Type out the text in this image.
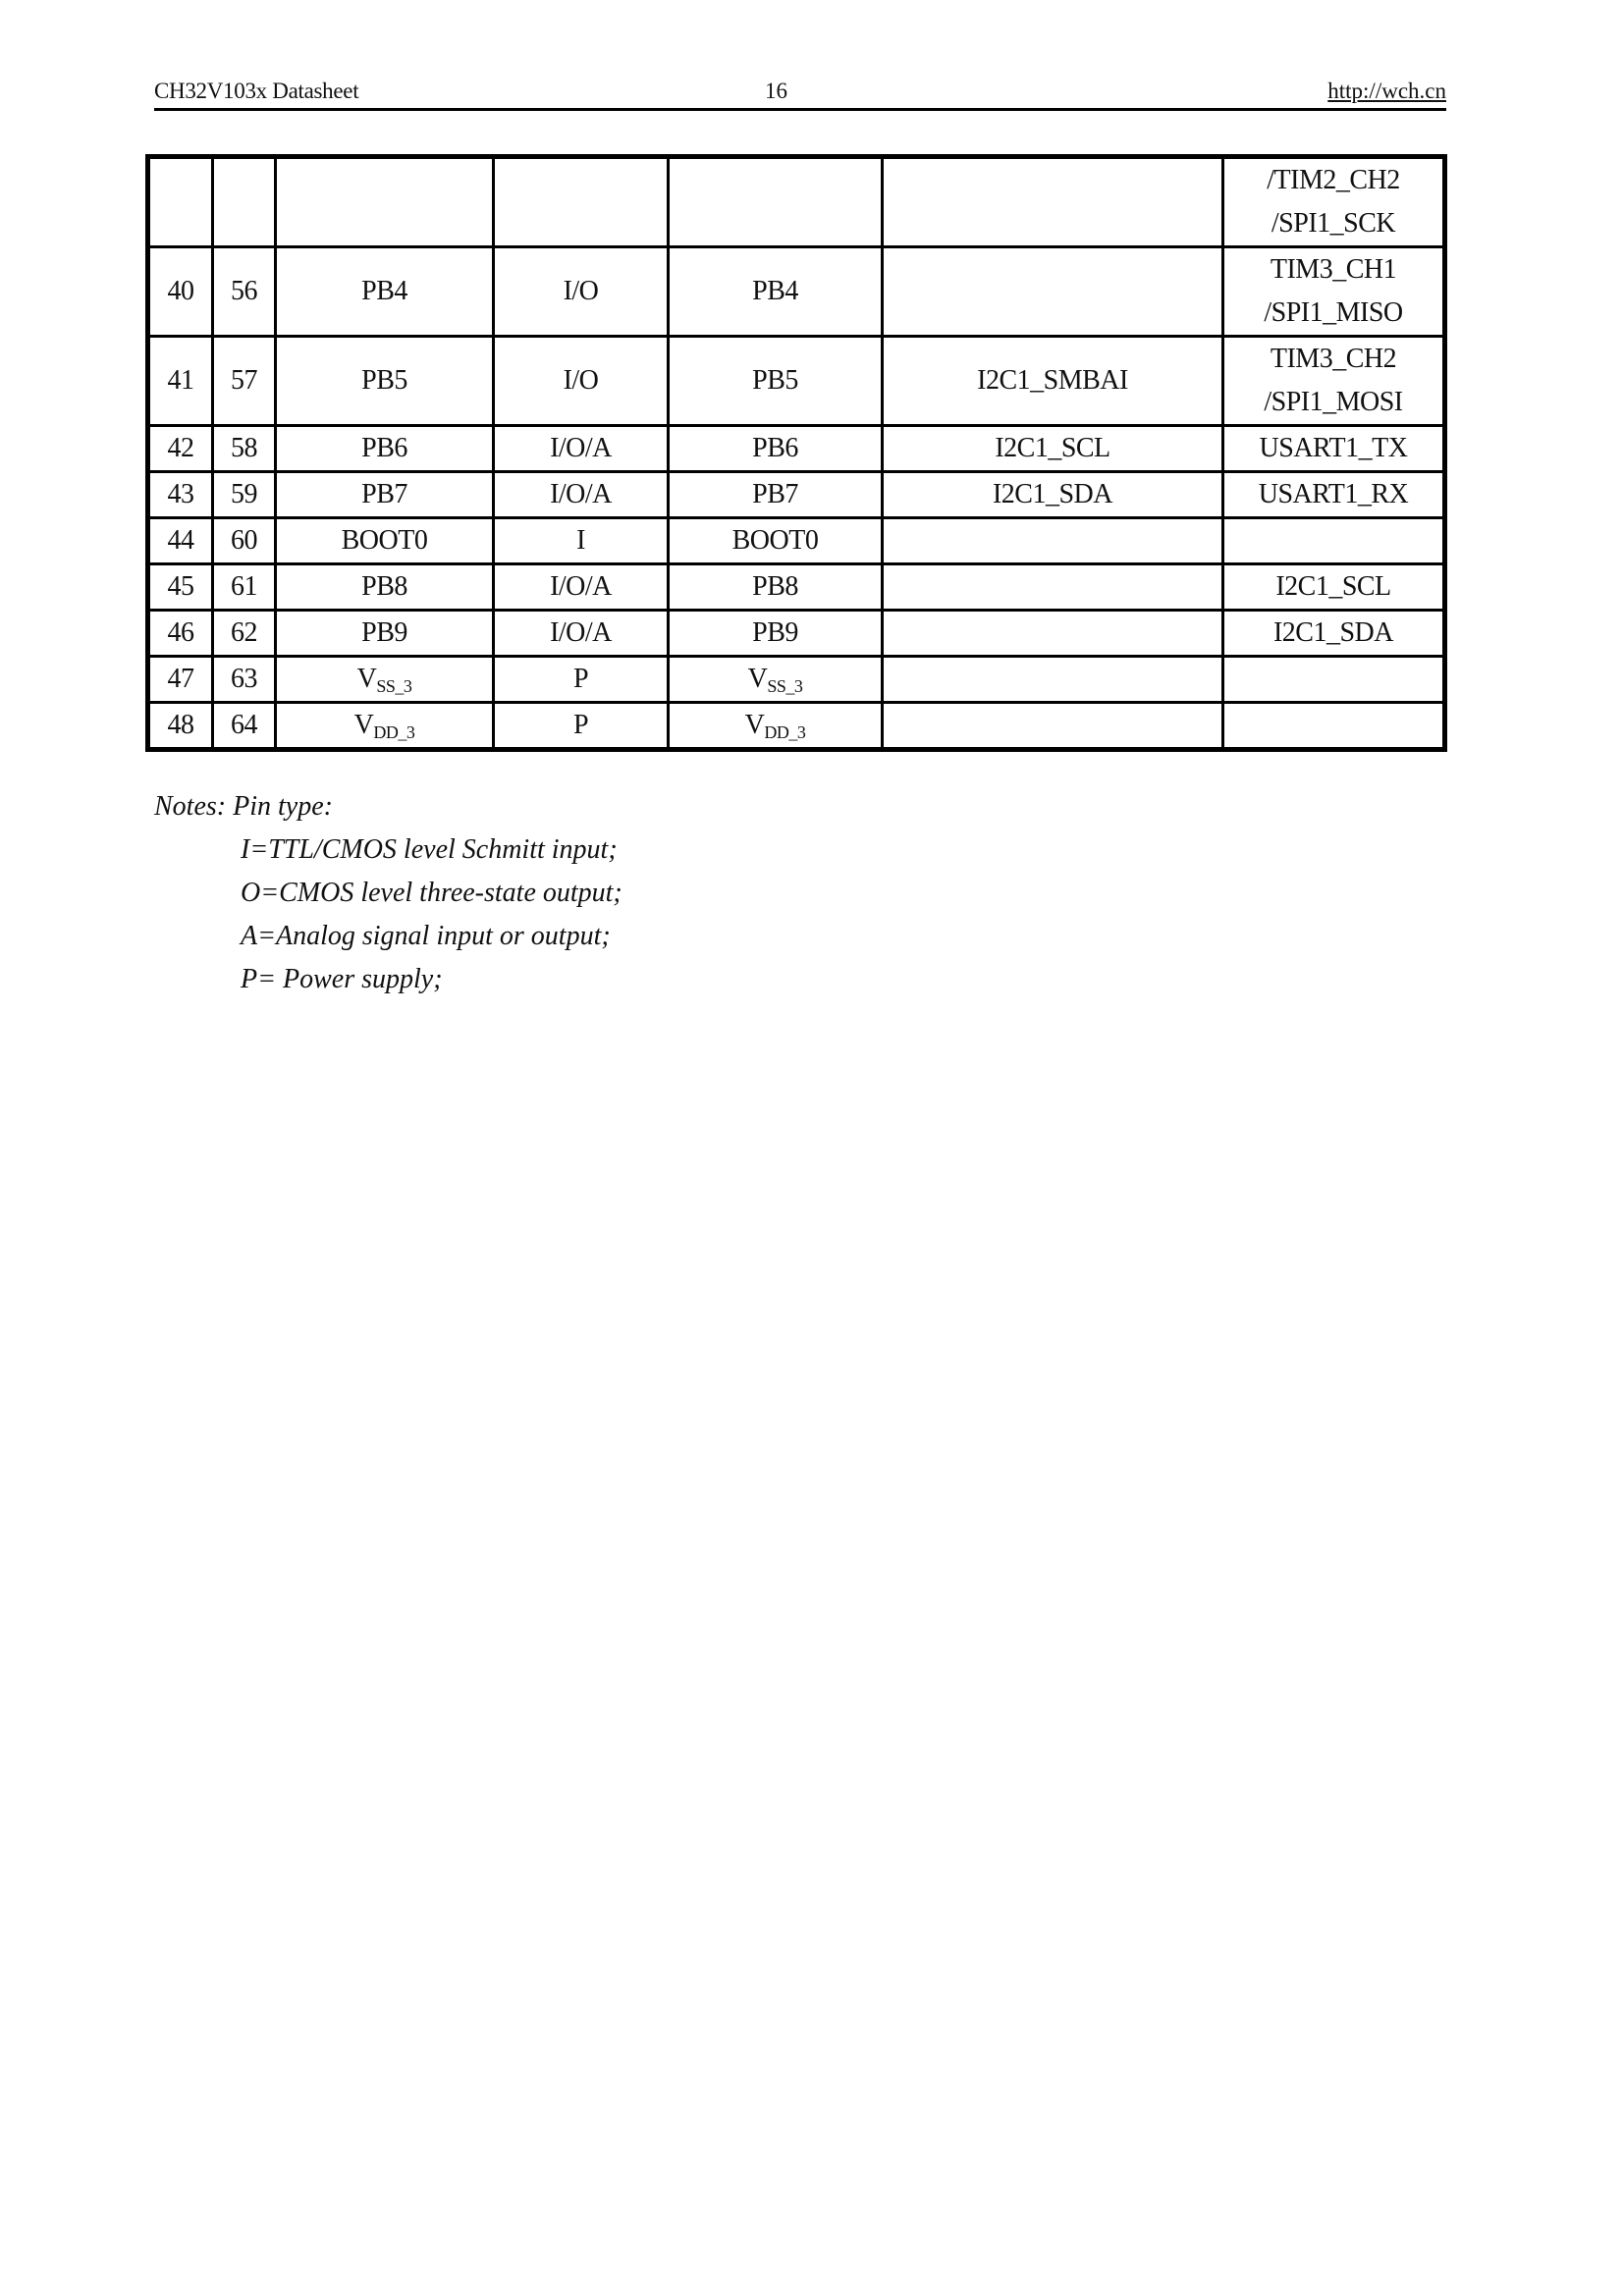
CH32V103x Datasheet	16	http://wch.cn

						/TIM2_CH2
/SPI1_SCK

40	56	PB4	I/O	PB4		TIM3_CH1
/SPI1_MISO

41	57	PB5	I/O	PB5	I2C1_SMBAI	TIM3_CH2
/SPI1_MOSI

42	58	PB6	I/O/A	PB6	I2C1_SCL	USART1_TX
43	59	PB7	I/O/A	PB7	I2C1_SDA	USART1_RX
44	60	BOOT0	I	BOOT0		
45	61	PB8	I/O/A	PB8		I2C1_SCL
46	62	PB9	I/O/A	PB9		I2C1_SDA
47	63	$V_{SS\_3}$	P	$V_{SS\_3}$		
48	64	$V_{DD\_3}$	P	$V_{DD\_3}$		
Notes: Pin type:
I=TTL/CMOS level Schmitt input;
O=CMOS level three-state output;
A=Analog signal input or output;
P= Power supply;
